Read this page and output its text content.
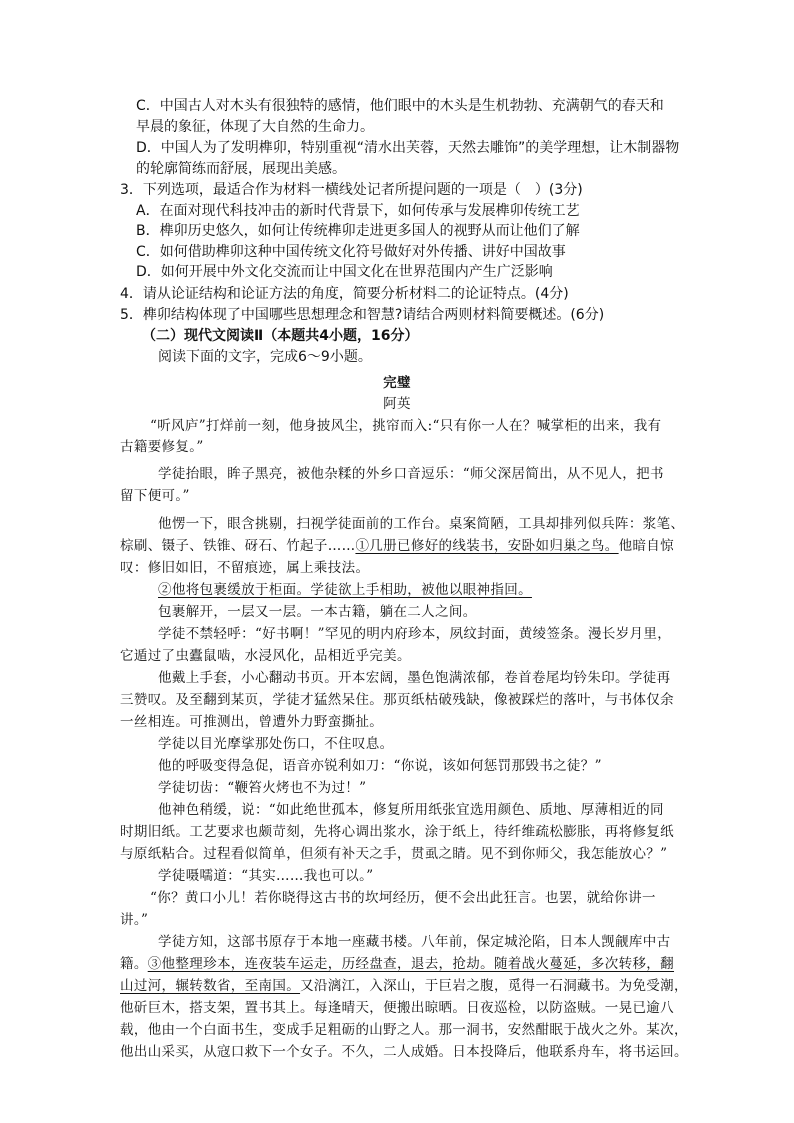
C．中国古人对木头有很独特的感情，他们眼中的木头是生机勃勃、充满朝气的春天和
早晨的象征，体现了大自然的生命力。
D．中国人为了发明榫卯，特别重视“清水出芙蓉，天然去雕饰”的美学理想，让木制器物
的轮廓简练而舒展，展现出美感。
3．下列选项，最适合作为材料一横线处记者所提问题的一项是（　）(3分)
A．在面对现代科技冲击的新时代背景下，如何传承与发展榫卯传统工艺
B．榫卯历史悠久，如何让传统榫卯走进更多国人的视野从而让他们了解
C．如何借助榫卯这种中国传统文化符号做好对外传播、讲好中国故事
D．如何开展中外文化交流而让中国文化在世界范围内产生广泛影响
4．请从论证结构和论证方法的角度，简要分析材料二的论证特点。(4分)
5．榫卯结构体现了中国哪些思想理念和智慧?请结合两则材料简要概述。(6分)
（二）现代文阅读Ⅱ（本题共4小题，16分）
阅读下面的文字，完成6～9小题。
完璧
阿英
“听风庐”打烊前一刻，他身披风尘，挑帘而入:“只有你一人在？喊掌柜的出来，我有
古籍要修复。”
学徒抬眼，眸子黑亮，被他杂糅的外乡口音逗乐：“师父深居简出，从不见人，把书
留下便可。”
他愣一下，眼含挑剔，扫视学徒面前的工作台。桌案简陋，工具却排列似兵阵：浆笔、
棕刷、镊子、铁锥、砑石、竹起子……①几册已修好的线装书，安卧如归巢之鸟。他暗自惊
叹：修旧如旧，不留痕迹，属上乘技法。
②他将包裹缓放于柜面。学徒欲上手相助，被他以眼神指回。
包裹解开，一层又一层。一本古籍，躺在二人之间。
学徒不禁轻呼：“好书啊！”罕见的明内府珍本，夙纹封面，黄绫签条。漫长岁月里，
它遁过了虫蠹鼠啮，水浸风化，品相近乎完美。
他戴上手套，小心翻动书页。开本宏阔，墨色饱满浓郁，卷首卷尾均钤朱印。学徒再
三赞叹。及至翻到某页，学徒才猛然呆住。那页纸枯破残缺，像被踩烂的落叶，与书体仅余
一丝相连。可推测出，曾遭外力野蛮撕扯。
学徒以目光摩挲那处伤口，不住叹息。
他的呼吸变得急促，语音亦锐利如刀：“你说，该如何惩罚那毁书之徒？”
学徒切齿：“鞭笞火烤也不为过！”
他神色稍缓，说：“如此绝世孤本，修复所用纸张宜选用颜色、质地、厚薄相近的同
时期旧纸。工艺要求也颇苛刻，先将心调出浆水，涂于纸上，待纤维疏松膨胀，再将修复纸
与原纸粘合。过程看似简单，但须有补天之手，贯虱之睛。见不到你师父，我怎能放心？”
学徒嗫嚅道：“其实……我也可以。”
“你？黄口小儿！若你晓得这古书的坎坷经历，便不会出此狂言。也罢，就给你讲一
讲。”
学徒方知，这部书原存于本地一座藏书楼。八年前，保定城沦陷，日本人觊觎库中古
籍。③他整理珍本，连夜装车运走，历经盘查，退去，抢劫。随着战火蔓延，多次转移，翻
山过河，辗转数省，至南国。又沿漓江，入深山，于巨岩之腹，觅得一石洞藏书。为免受潮，
他斫巨木，搭支架，置书其上。每逢晴天，便搬出晾晒。日夜巡检，以防盗贼。一晃已逾八
载，他由一个白面书生，变成手足粗砺的山野之人。那一洞书，安然酣眠于战火之外。某次，
他出山采买，从寇口救下一个女子。不久，二人成婚。日本投降后，他联系舟车，将书运回。
